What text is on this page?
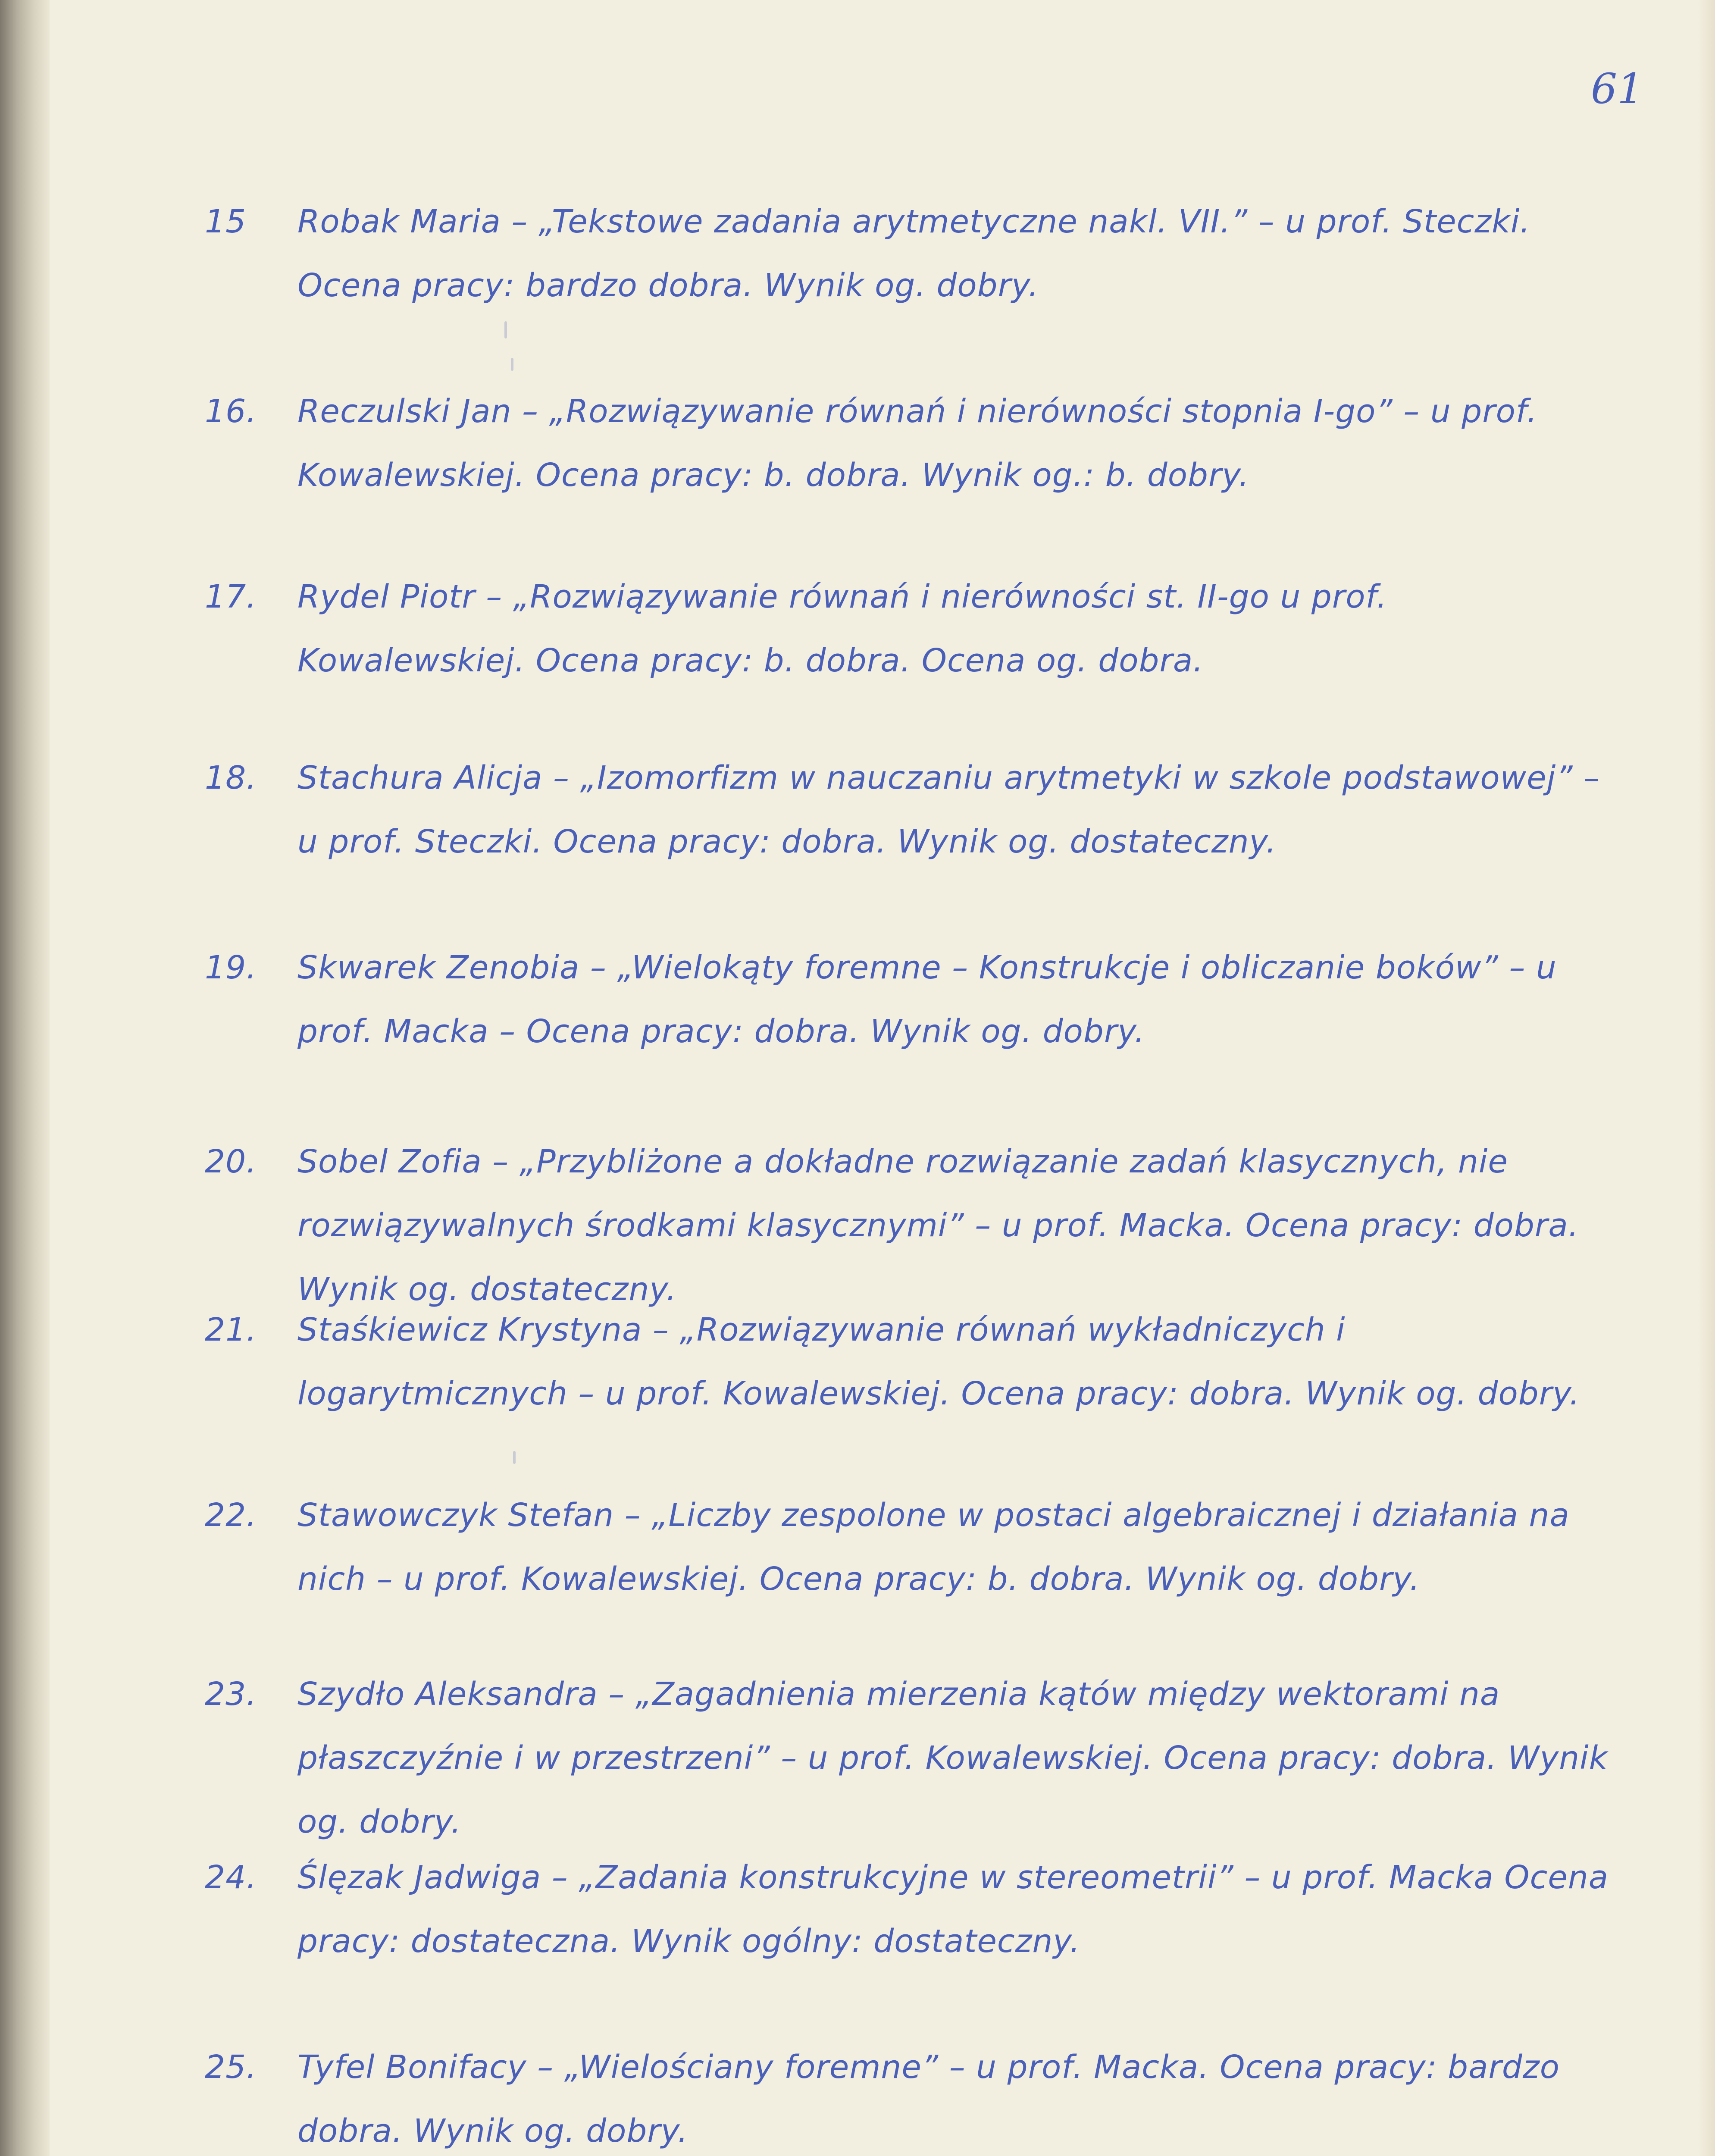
61
15	Robak Maria – „Tekstowe zadania arytmetyczne nakl. VII.” – u prof. Steczki. Ocena pracy: bardzo dobra. Wynik og. dobry.
16.	Reczulski Jan – „Rozwiązywanie równań i nierówności stopnia I-go” – u prof. Kowalewskiej. Ocena pracy: b. dobra. Wynik og.: b. dobry.
17.	Rydel Piotr – „Rozwiązywanie równań i nierówności st. II-go u prof. Kowalewskiej. Ocena pracy: b. dobra. Ocena og. dobra.
18.	Stachura Alicja – „Izomorfizm w nauczaniu arytmetyki w szkole podstawowej” – u prof. Steczki. Ocena pracy: dobra. Wynik og. dostateczny.
19.	Skwarek Zenobia – „Wielokąty foremne – Konstrukcje i obliczanie boków” – u prof. Macka – Ocena pracy: dobra. Wynik og. dobry.
20.	Sobel Zofia – „Przybliżone a dokładne rozwiązanie zadań klasycznych, nie rozwiązywalnych środkami klasycznymi” – u prof. Macka. Ocena pracy: dobra. Wynik og. dostateczny.
21.	Staśkiewicz Krystyna – „Rozwiązywanie równań wykładniczych i logarytmicznych – u prof. Kowalewskiej. Ocena pracy: dobra. Wynik og. dobry.
22.	Stawowczyk Stefan – „Liczby zespolone w postaci algebraicznej i działania na nich – u prof. Kowalewskiej. Ocena pracy: b. dobra. Wynik og. dobry.
23.	Szydło Aleksandra – „Zagadnienia mierzenia kątów między wektorami na płaszczyźnie i w przestrzeni” – u prof. Kowalewskiej. Ocena pracy: dobra. Wynik og. dobry.
24.	Ślęzak Jadwiga – „Zadania konstrukcyjne w stereometrii” – u prof. Macka Ocena pracy: dostateczna. Wynik ogólny: dostateczny.
25.	Tyfel Bonifacy – „Wielościany foremne” – u prof. Macka. Ocena pracy: bardzo dobra. Wynik og. dobry.
